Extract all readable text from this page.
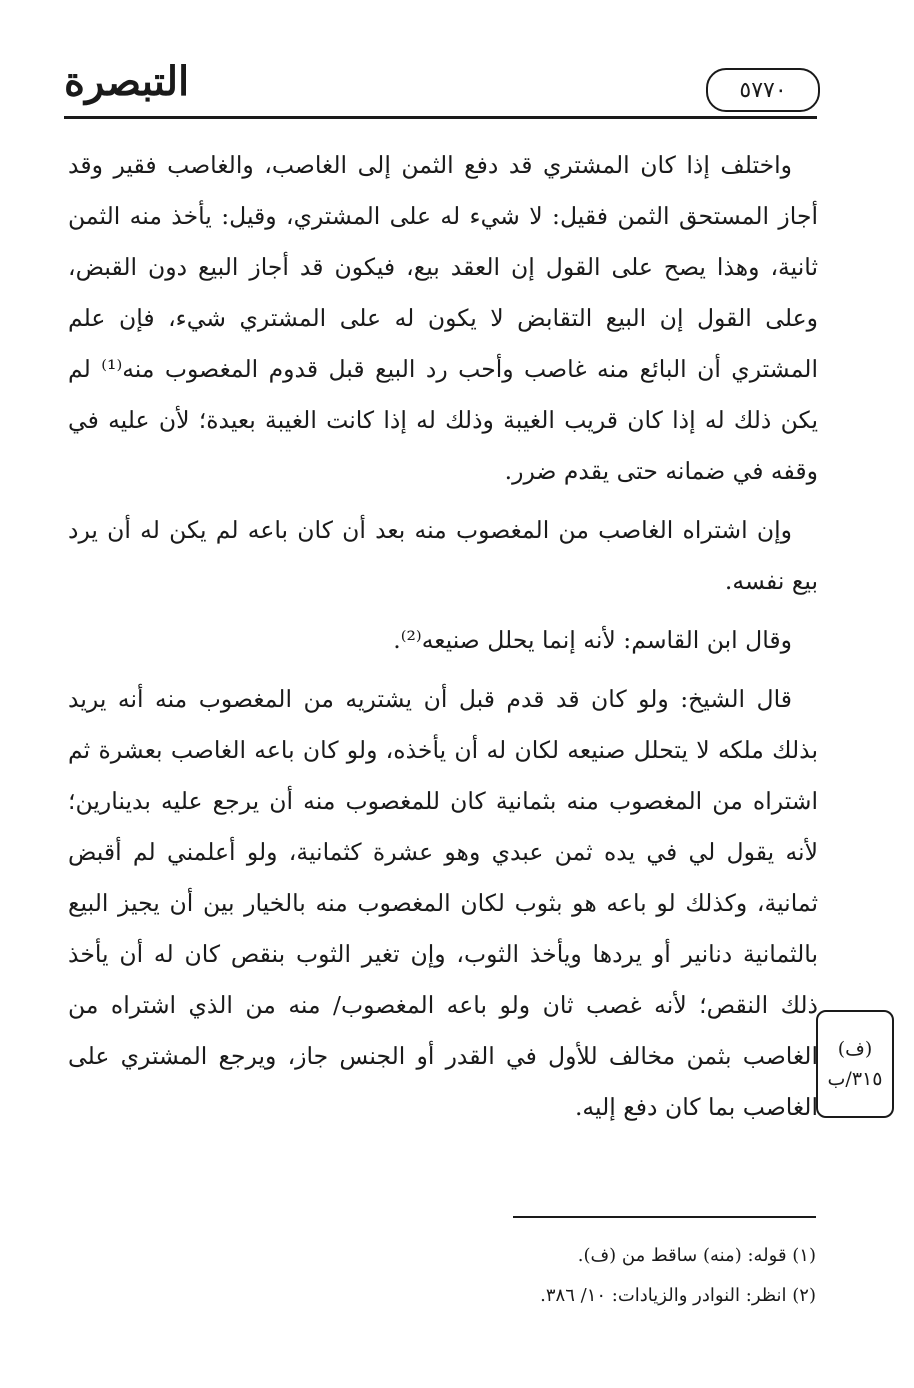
٥٧٧٠
التبصرة

واختلف إذا كان المشتري قد دفع الثمن إلى الغاصب، والغاصب فقير وقد أجاز المستحق الثمن فقيل: لا شيء له على المشتري، وقيل: يأخذ منه الثمن ثانية، وهذا يصح على القول إن العقد بيع، فيكون قد أجاز البيع دون القبض، وعلى القول إن البيع التقابض لا يكون له على المشتري شيء، فإن علم المشتري أن البائع منه غاصب وأحب رد البيع قبل قدوم المغصوب منه⁽¹⁾ لم يكن ذلك له إذا كان قريب الغيبة وذلك له إذا كانت الغيبة بعيدة؛ لأن عليه في وقفه في ضمانه حتى يقدم ضرر.

وإن اشتراه الغاصب من المغصوب منه بعد أن كان باعه لم يكن له أن يرد بيع نفسه.

وقال ابن القاسم: لأنه إنما يحلل صنيعه⁽²⁾.

قال الشيخ: ولو كان قد قدم قبل أن يشتريه من المغصوب منه أنه يريد بذلك ملكه لا يتحلل صنيعه لكان له أن يأخذه، ولو كان باعه الغاصب بعشرة ثم اشتراه من المغصوب منه بثمانية كان للمغصوب منه أن يرجع عليه بدينارين؛ لأنه يقول لي في يده ثمن عبدي وهو عشرة كثمانية، ولو أعلمني لم أقبض ثمانية، وكذلك لو باعه هو بثوب لكان المغصوب منه بالخيار بين أن يجيز البيع بالثمانية دنانير أو يردها ويأخذ الثوب، وإن تغير الثوب بنقص كان له أن يأخذ ذلك النقص؛ لأنه غصب ثان ولو باعه المغصوب/ منه من الذي اشتراه من الغاصب بثمن مخالف للأول في القدر أو الجنس جاز، ويرجع المشتري على الغاصب بما كان دفع إليه.

(ف)
٣١٥/ب

(١) قوله: (منه) ساقط من (ف).

(٢) انظر: النوادر والزيادات: ١٠/ ٣٨٦.
